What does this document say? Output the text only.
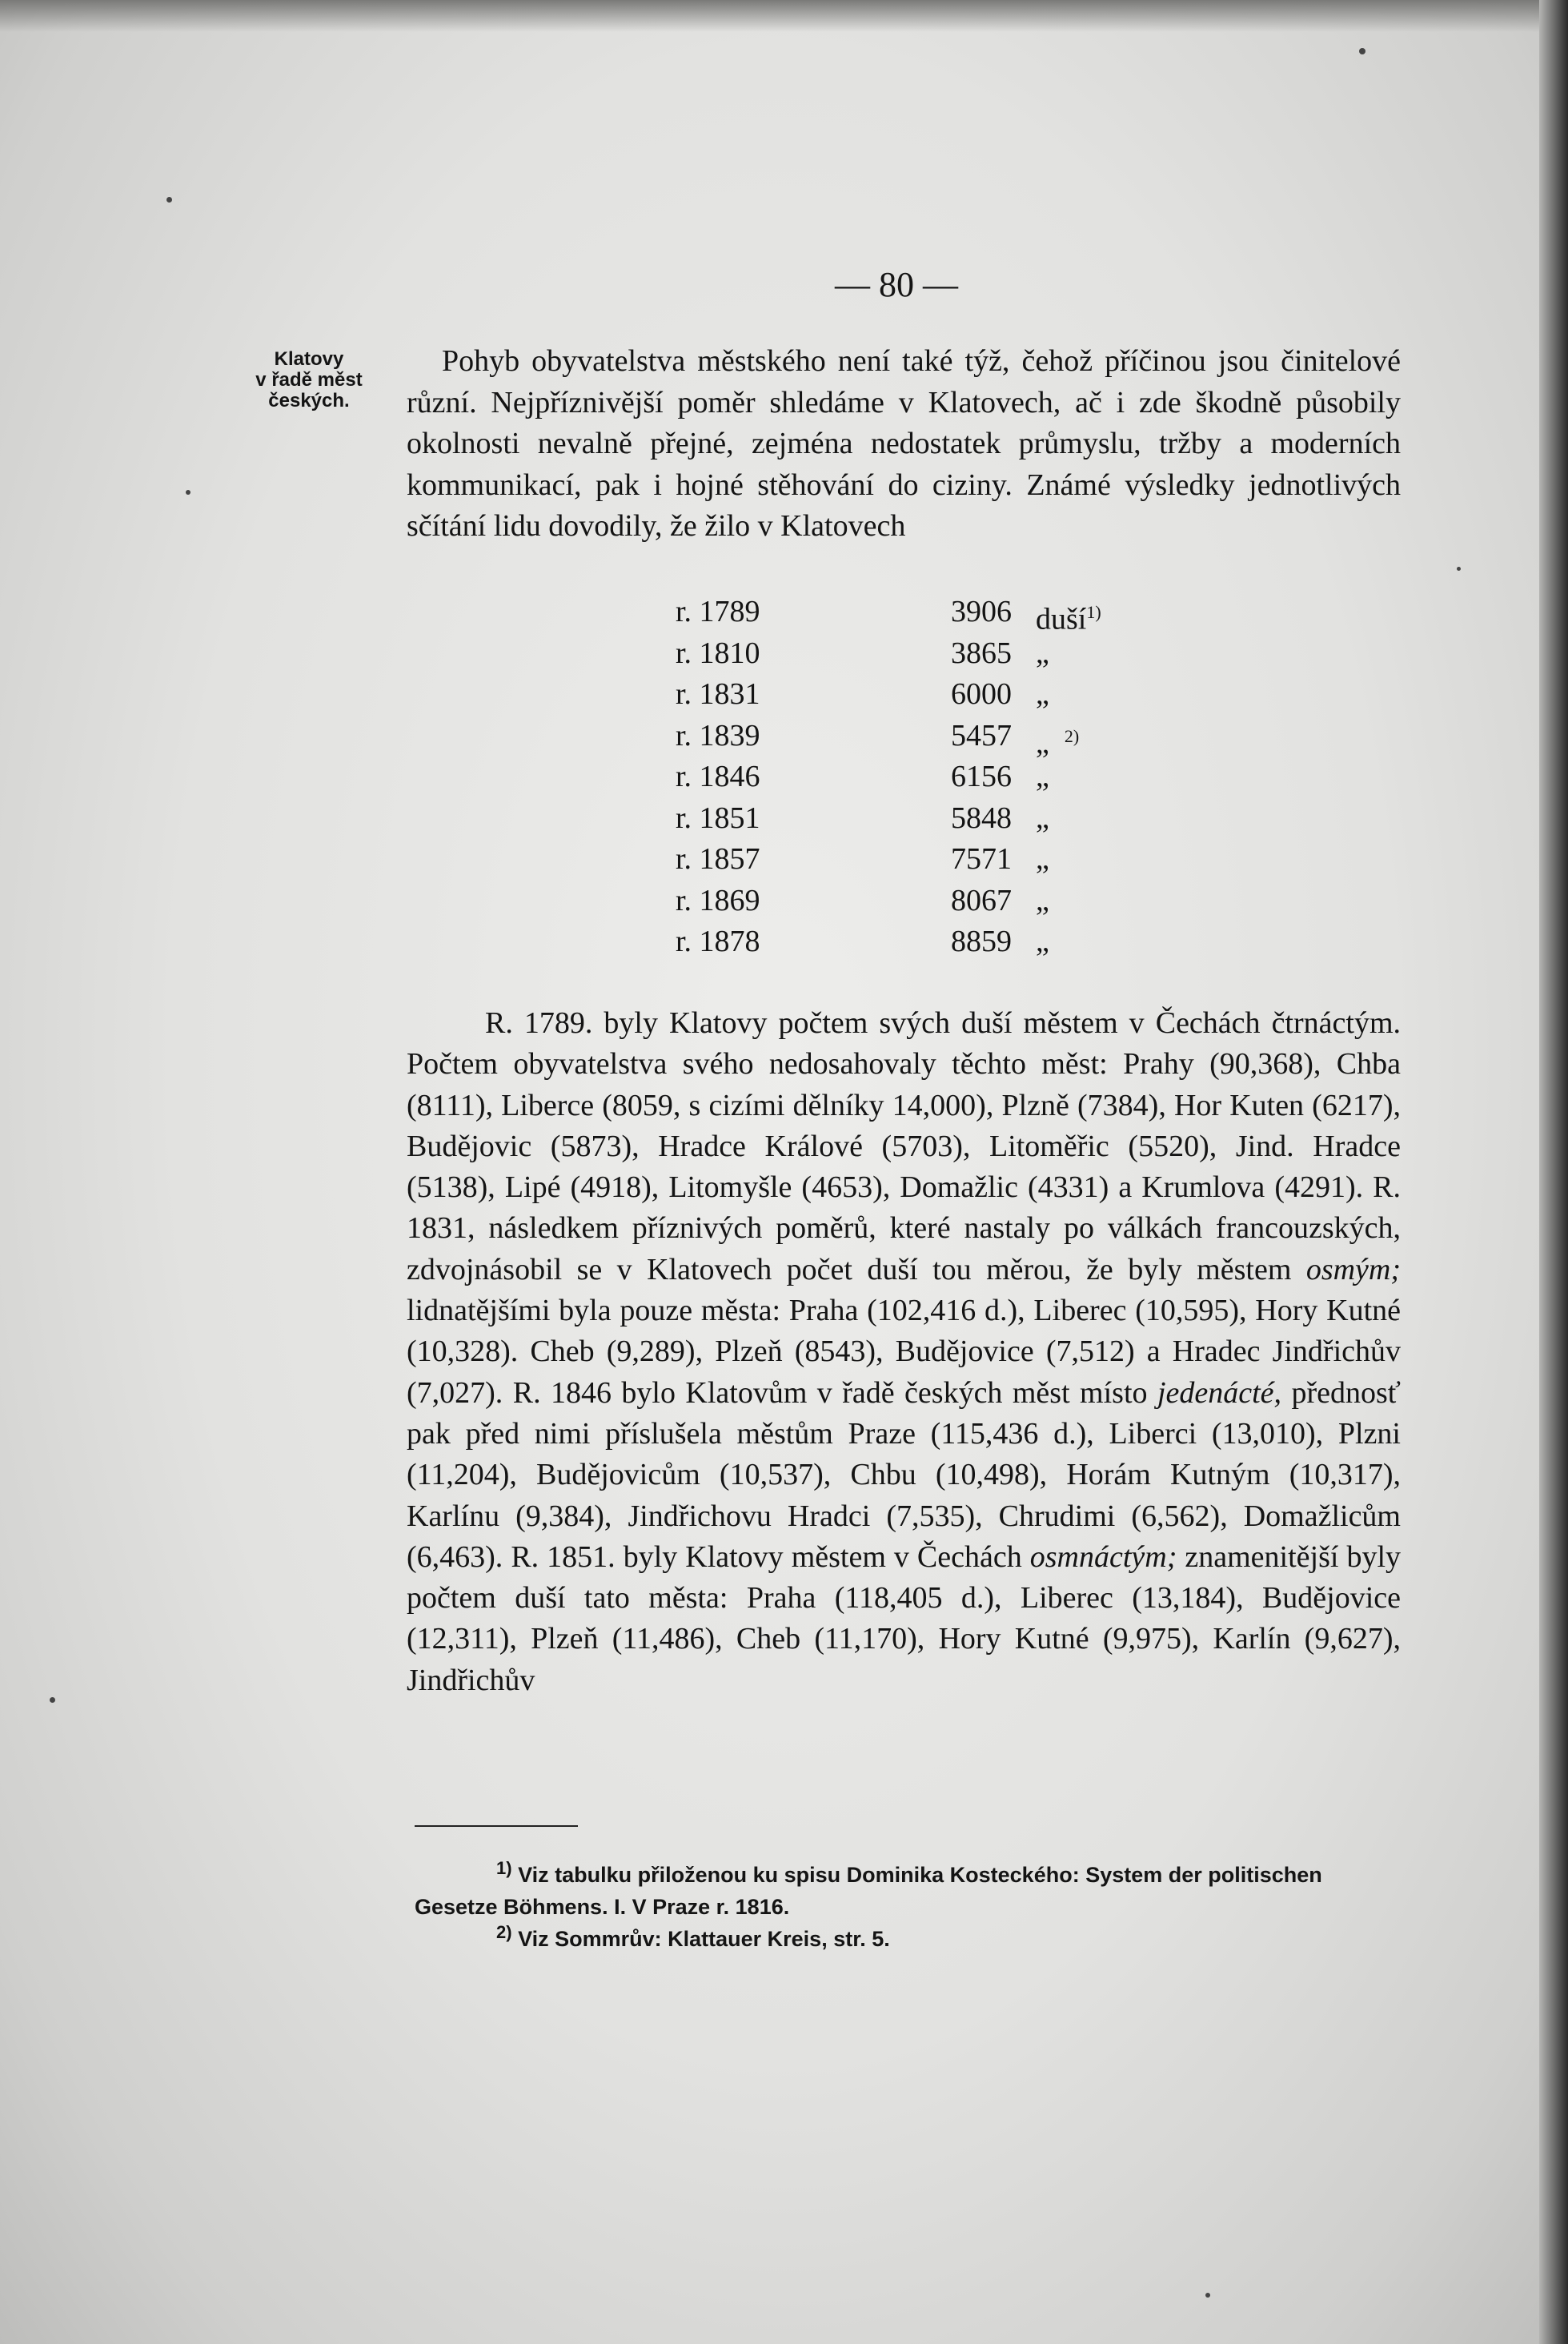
— 80 —
Klatovy
v řadě měst
českých.
Pohyb obyvatelstva městského není také týž, čehož příčinou jsou činitelové různí. Nejpříznivější poměr shledáme v Klatovech, ač i zde škodně působily okolnosti nevalně přejné, zejména nedostatek průmyslu, tržby a moderních kommunikací, pak i hojné stěhování do ciziny. Známé výsledky jednotlivých sčítání lidu dovodily, že žilo v Klatovech
r. 1789	3906 duší$^{1)}$
r. 1810	3865 „
r. 1831	6000 „
r. 1839	5457 „ $^{2)}$
r. 1846	6156 „
r. 1851	5848 „
r. 1857	7571 „
r. 1869	8067 „
r. 1878	8859 „
R. 1789. byly Klatovy počtem svých duší městem v Čechách čtrnáctým. Počtem obyvatelstva svého nedosahovaly těchto měst: Prahy (90,368), Chba (8111), Liberce (8059, s cizími dělníky 14,000), Plzně (7384), Hor Kuten (6217), Budějovic (5873), Hradce Králové (5703), Litoměřic (5520), Jind. Hradce (5138), Lipé (4918), Litomyšle (4653), Domažlic (4331) a Krumlova (4291). R. 1831, následkem příznivých poměrů, které nastaly po válkách francouzských, zdvojnásobil se v Klatovech počet duší tou měrou, že byly městem osmým; lidnatějšími byla pouze města: Praha (102,416 d.), Liberec (10,595), Hory Kutné (10,328). Cheb (9,289), Plzeň (8543), Budějovice (7,512) a Hradec Jindřichův (7,027). R. 1846 bylo Klatovům v řadě českých měst místo jedenácté, přednosť pak před nimi příslušela městům Praze (115,436 d.), Liberci (13,010), Plzni (11,204), Budějovicům (10,537), Chbu (10,498), Horám Kutným (10,317), Karlínu (9,384), Jindřichovu Hradci (7,535), Chrudimi (6,562), Domažlicům (6,463). R. 1851. byly Klatovy městem v Čechách osmnáctým; znamenitější byly počtem duší tato města: Praha (118,405 d.), Liberec (13,184), Budějovice (12,311), Plzeň (11,486), Cheb (11,170), Hory Kutné (9,975), Karlín (9,627), Jindřichův
$^{1)}$ Viz tabulku přiloženou ku spisu Dominika Kosteckého: System der politischen Gesetze Böhmens. I. V Praze r. 1816.
$^{2)}$ Viz Sommrův: Klattauer Kreis, str. 5.
